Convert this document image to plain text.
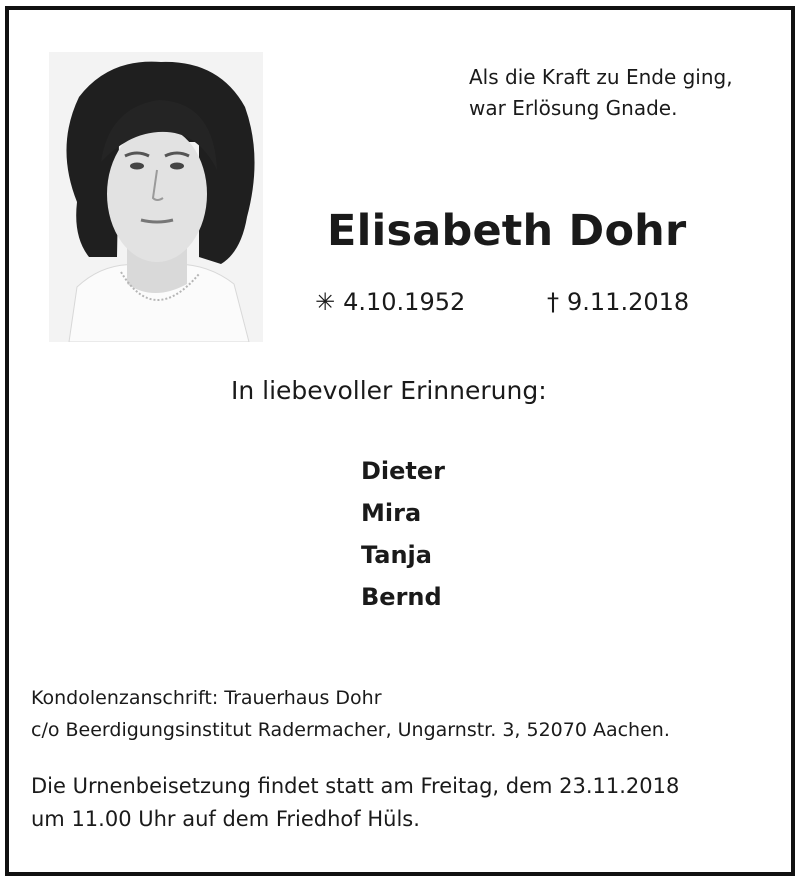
Als die Kraft zu Ende ging,
war Erlösung Gnade.
Elisabeth Dohr
✳ 4.10.1952	† 9.11.2018
In liebevoller Erinnerung:
Dieter
Mira
Tanja
Bernd
Kondolenzanschrift: Trauerhaus Dohr
c/o Beerdigungsinstitut Radermacher, Ungarnstr. 3, 52070 Aachen.
Die Urnenbeisetzung findet statt am Freitag, dem 23.11.2018
um 11.00 Uhr auf dem Friedhof Hüls.
